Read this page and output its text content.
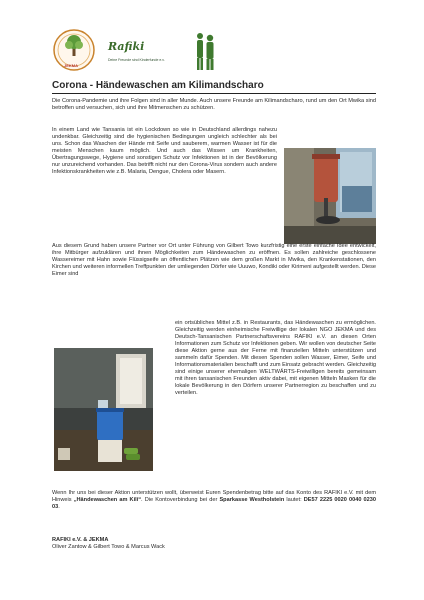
JEKMA
Rafiki
Deine Freunde sind Kinderfunde e.v.
Corona - Händewaschen am Kilimandscharo

Die Corona-Pandemie und ihre Folgen sind in aller Munde. Auch unsere Freunde am Kilimandscharo, rund um den Ort Mwika sind betroffen und versuchen, sich und ihre Mitmenschen zu schützen.

In einem Land wie Tansania ist ein Lockdown so wie in Deutschland allerdings nahezu undenkbar. Gleichzeitig sind die hygienischen Bedingungen ungleich schlechter als bei uns. Schon das Waschen der Hände mit Seife und sauberem, warmen Wasser ist für die meisten Menschen kaum möglich. Und auch das Wissen um Krankheiten, Übertragungswege, Hygiene und sonstigen Schutz vor Infektionen ist in der Bevölkerung nur unzureichend vorhanden. Das betrifft nicht nur den Corona-Virus sondern auch andere Infektionskrankheiten wie z.B. Malaria, Dengue, Cholera oder Masern.

Aus diesem Grund haben unsere Partner vor Ort unter Führung von Gilbert Towo kurzfristig eine erste einfache Idee entwickelt, ihre Mitbürger aufzuklären und ihnen Möglichkeiten zum Händewaschen zu eröffnen. Es sollen zahlreiche geschlossene Wassereimer mit Hahn sowie Flüssigseife an öffentlichen Plätzen wie dem großen Markt in Mwika, den Krankenstationen, den Kirchen und weiteren informellen Treffpunkten der umliegenden Dörfer wie Uuuwo, Kondiki oder Kirimeni aufgestellt werden. Diese Eimer sind

ein ortsübliches Mittel z.B. in Restaurants, das Händewaschen zu ermöglichen. Gleichzeitig werden einheimische Freiwillige der lokalen NGO JEKMA und des Deutsch-Tansanischen Partnerschaftsvereins RAFIKI e.V. an diesen Orten Informationen zum Schutz vor Infektionen geben. Wir wollen von deutscher Seite diese Aktion gerne aus der Ferne mit finanziellen Mitteln unterstützen und sammeln dafür Spenden. Mit diesen Spenden sollen Wasser, Eimer, Seife und Informationsmaterialien beschafft und zum Einsatz gebracht werden. Gleichzeitig sind einige unserer ehemaligen WELTWÄRTS-Freiwilligen bereits gemeinsam mit ihren tansanischen Freunden aktiv dabei, mit eigenen Mitteln Masken für die lokale Bevölkerung in den Dörfern unserer Partnerregion zu beschaffen und zu verteilen.

Wenn Ihr uns bei dieser Aktion unterstützen wollt, überweist Euren Spendenbetrag bitte auf das Konto des RAFIKI e.V. mit dem Hinweis „Händewaschen am Kili“. Die Kontoverbindung bei der Sparkasse Westholstein lautet: DE57 2225 0020 0040 0230 03.

RAFIKI e.V. & JEKMA
Oliver Zantow & Gilbert Towo & Marcus Wack
